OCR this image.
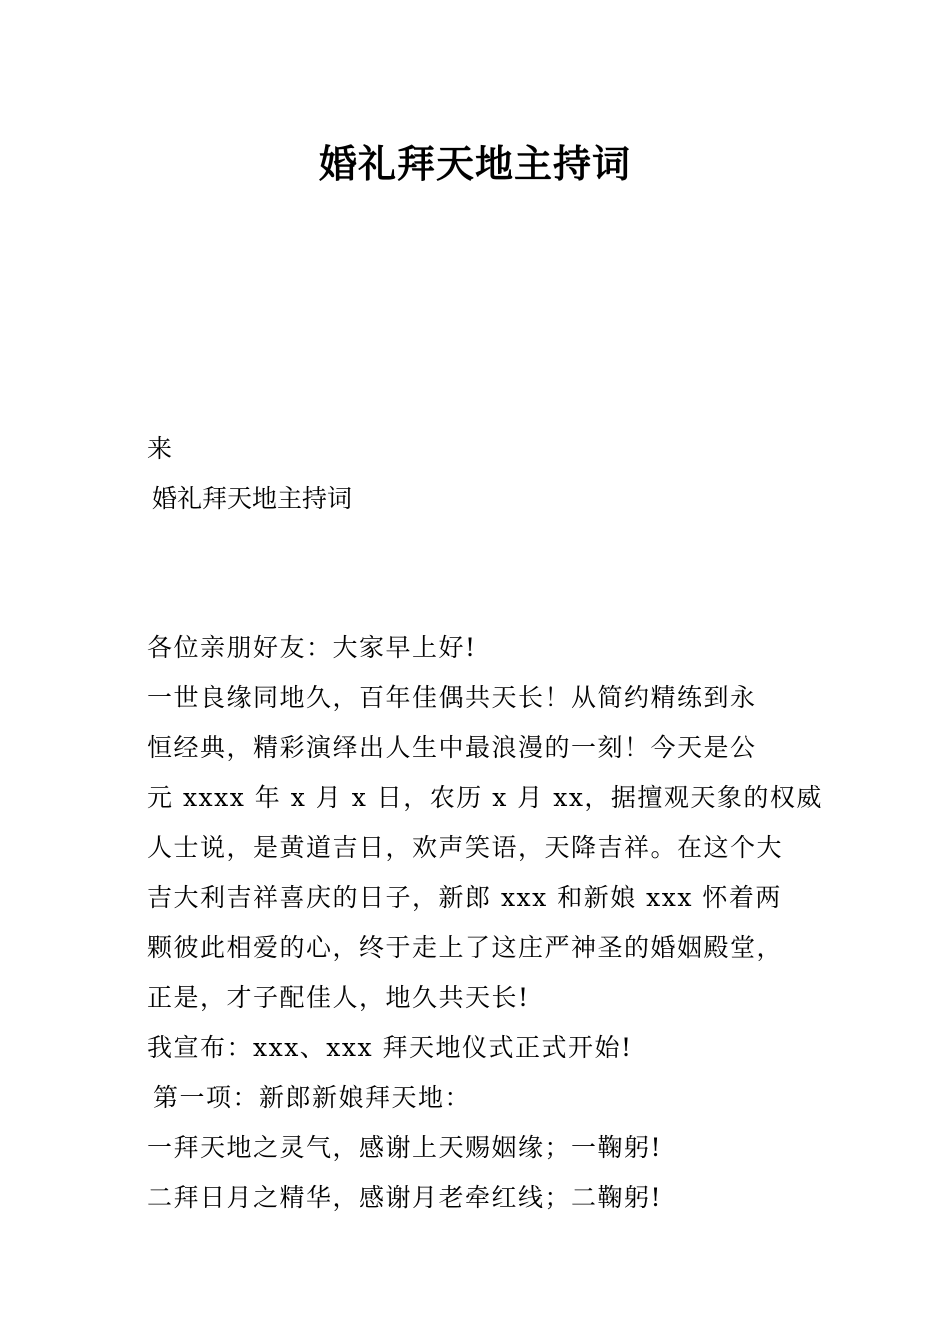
婚礼拜天地主持词
来
婚礼拜天地主持词

各位亲朋好友：大家早上好!

一世良缘同地久，百年佳偶共天长！从简约精练到永

恒经典，精彩演绎出人生中最浪漫的一刻！今天是公

元 xxxx 年 x 月 x 日，农历 x 月 xx，据擅观天象的权威

人士说，是黄道吉日，欢声笑语，天降吉祥。在这个大

吉大利吉祥喜庆的日子，新郎 xxx 和新娘 xxx 怀着两

颗彼此相爱的心，终于走上了这庄严神圣的婚姻殿堂，

正是，才子配佳人，地久共天长!

我宣布：xxx、xxx 拜天地仪式正式开始!

第一项：新郎新娘拜天地：

一拜天地之灵气，感谢上天赐姻缘；一鞠躬!

二拜日月之精华，感谢月老牵红线；二鞠躬!
